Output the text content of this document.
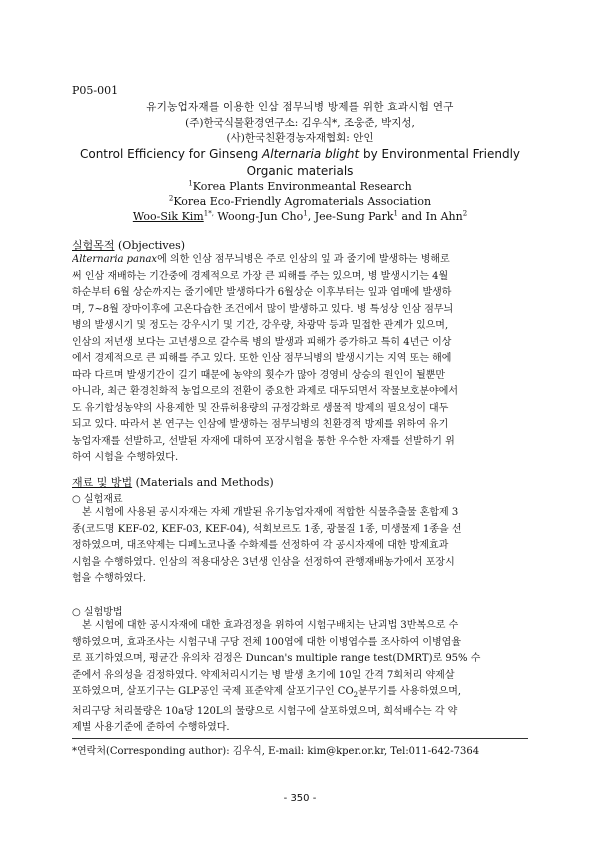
P05-001
유기농업자재를 이용한 인삼 점무늬병 방제를 위한 효과시험 연구
(주)한국식물환경연구소: 김우식*, 조웅준, 박지성,
(사)한국친환경농자재협회: 안인
Control Efficiency for Ginseng Alternaria blight by Environmental Friendly
Organic materials
$^1$Korea Plants Environmeantal Research
$^2$Korea Eco-Friendly Agromaterials Association
Woo-Sik Kim$^{1*,}$ Woong-Jun Cho$^1$, Jee-Sung Park$^1$ and In Ahn$^2$
실험목적 (Objectives)
Alternaria panax에 의한 인삼 점무늬병은 주로 인삼의 잎 과 줄기에 발생하는 병해로
써 인삼 재배하는 기간중에 경제적으로 가장 큰 피해를 주는 있으며, 병 발생시기는 4월
하순부터 6월 상순까지는 줄기에만 발생하다가 6월상순 이후부터는 잎과 엽매에 발생하
며, 7~8월 장마이후에 고온다습한 조건에서 많이 발생하고 있다. 병 특성상 인삼 점무늬
병의 발생시기 및 정도는 강우시기 및 기간, 강우량, 차광막 등과 밀접한 관계가 있으며,
인삼의 저년생 보다는 고년생으로 갈수록 병의 발생과 피해가 증가하고 특히 4년근 이상
에서 경제적으로 큰 피해를 주고 있다. 또한 인삼 점무늬병의 발생시기는 지역 또는 해에
따라 다르며 발생기간이 길기 때문에 농약의 횟수가 많아 경영비 상승의 원인이 될뿐만
아니라, 최근 환경친화적 농업으로의 전환이 중요한 과제로 대두되면서 작물보호분야에서
도 유기합성농약의 사용제한 및 잔류허용량의 규정강화로 생물적 방제의 필요성이 대두
되고 있다. 따라서 본 연구는 인삼에 발생하는 점무늬병의 친환경적 방제를 위하여 유기
농업자재를 선발하고, 선발된 자재에 대하여 포장시험을 통한 우수한 자재를 선발하기 위
하여 시험을 수행하였다.
재료 및 방법 (Materials and Methods)
○ 실험재료
본 시험에 사용된 공시자재는 자체 개발된 유기농업자재에 적합한 식물추출물 혼합제 3
종(코드명 KEF-02, KEF-03, KEF-04), 석회보르도 1종, 광물질 1종, 미생물제 1종을 선
정하였으며, 대조약제는 디페노코나졸 수화제를 선정하여 각 공시자재에 대한 방제효과
시험을 수행하였다. 인삼의 적용대상은 3년생 인삼을 선정하여 관행재배농가에서 포장시
험을 수행하였다.
○ 실험방법
본 시험에 대한 공시자재에 대한 효과검정을 위하여 시험구배치는 난괴법 3반복으로 수
행하였으며, 효과조사는 시험구내 구당 전체 100엽에 대한 이병엽수를 조사하여 이병엽율
로 표기하였으며, 평균간 유의차 검정은 Duncan's multiple range test(DMRT)로 95% 수
준에서 유의성을 검정하였다. 약제처리시기는 병 발생 초기에 10일 간격 7회처리 약제살
포하였으며, 살포기구는 GLP공인 국제 표준약제 살포기구인 $CO_2$분무기를 사용하였으며,
처리구당 처리물량은 10a당 120L의 물량으로 시험구에 살포하였으며, 희석배수는 각 약
제별 사용기준에 준하여 수행하였다.
*연락처(Corresponding author): 김우식, E-mail: kim@kper.or.kr, Tel:011-642-7364
- 350 -
